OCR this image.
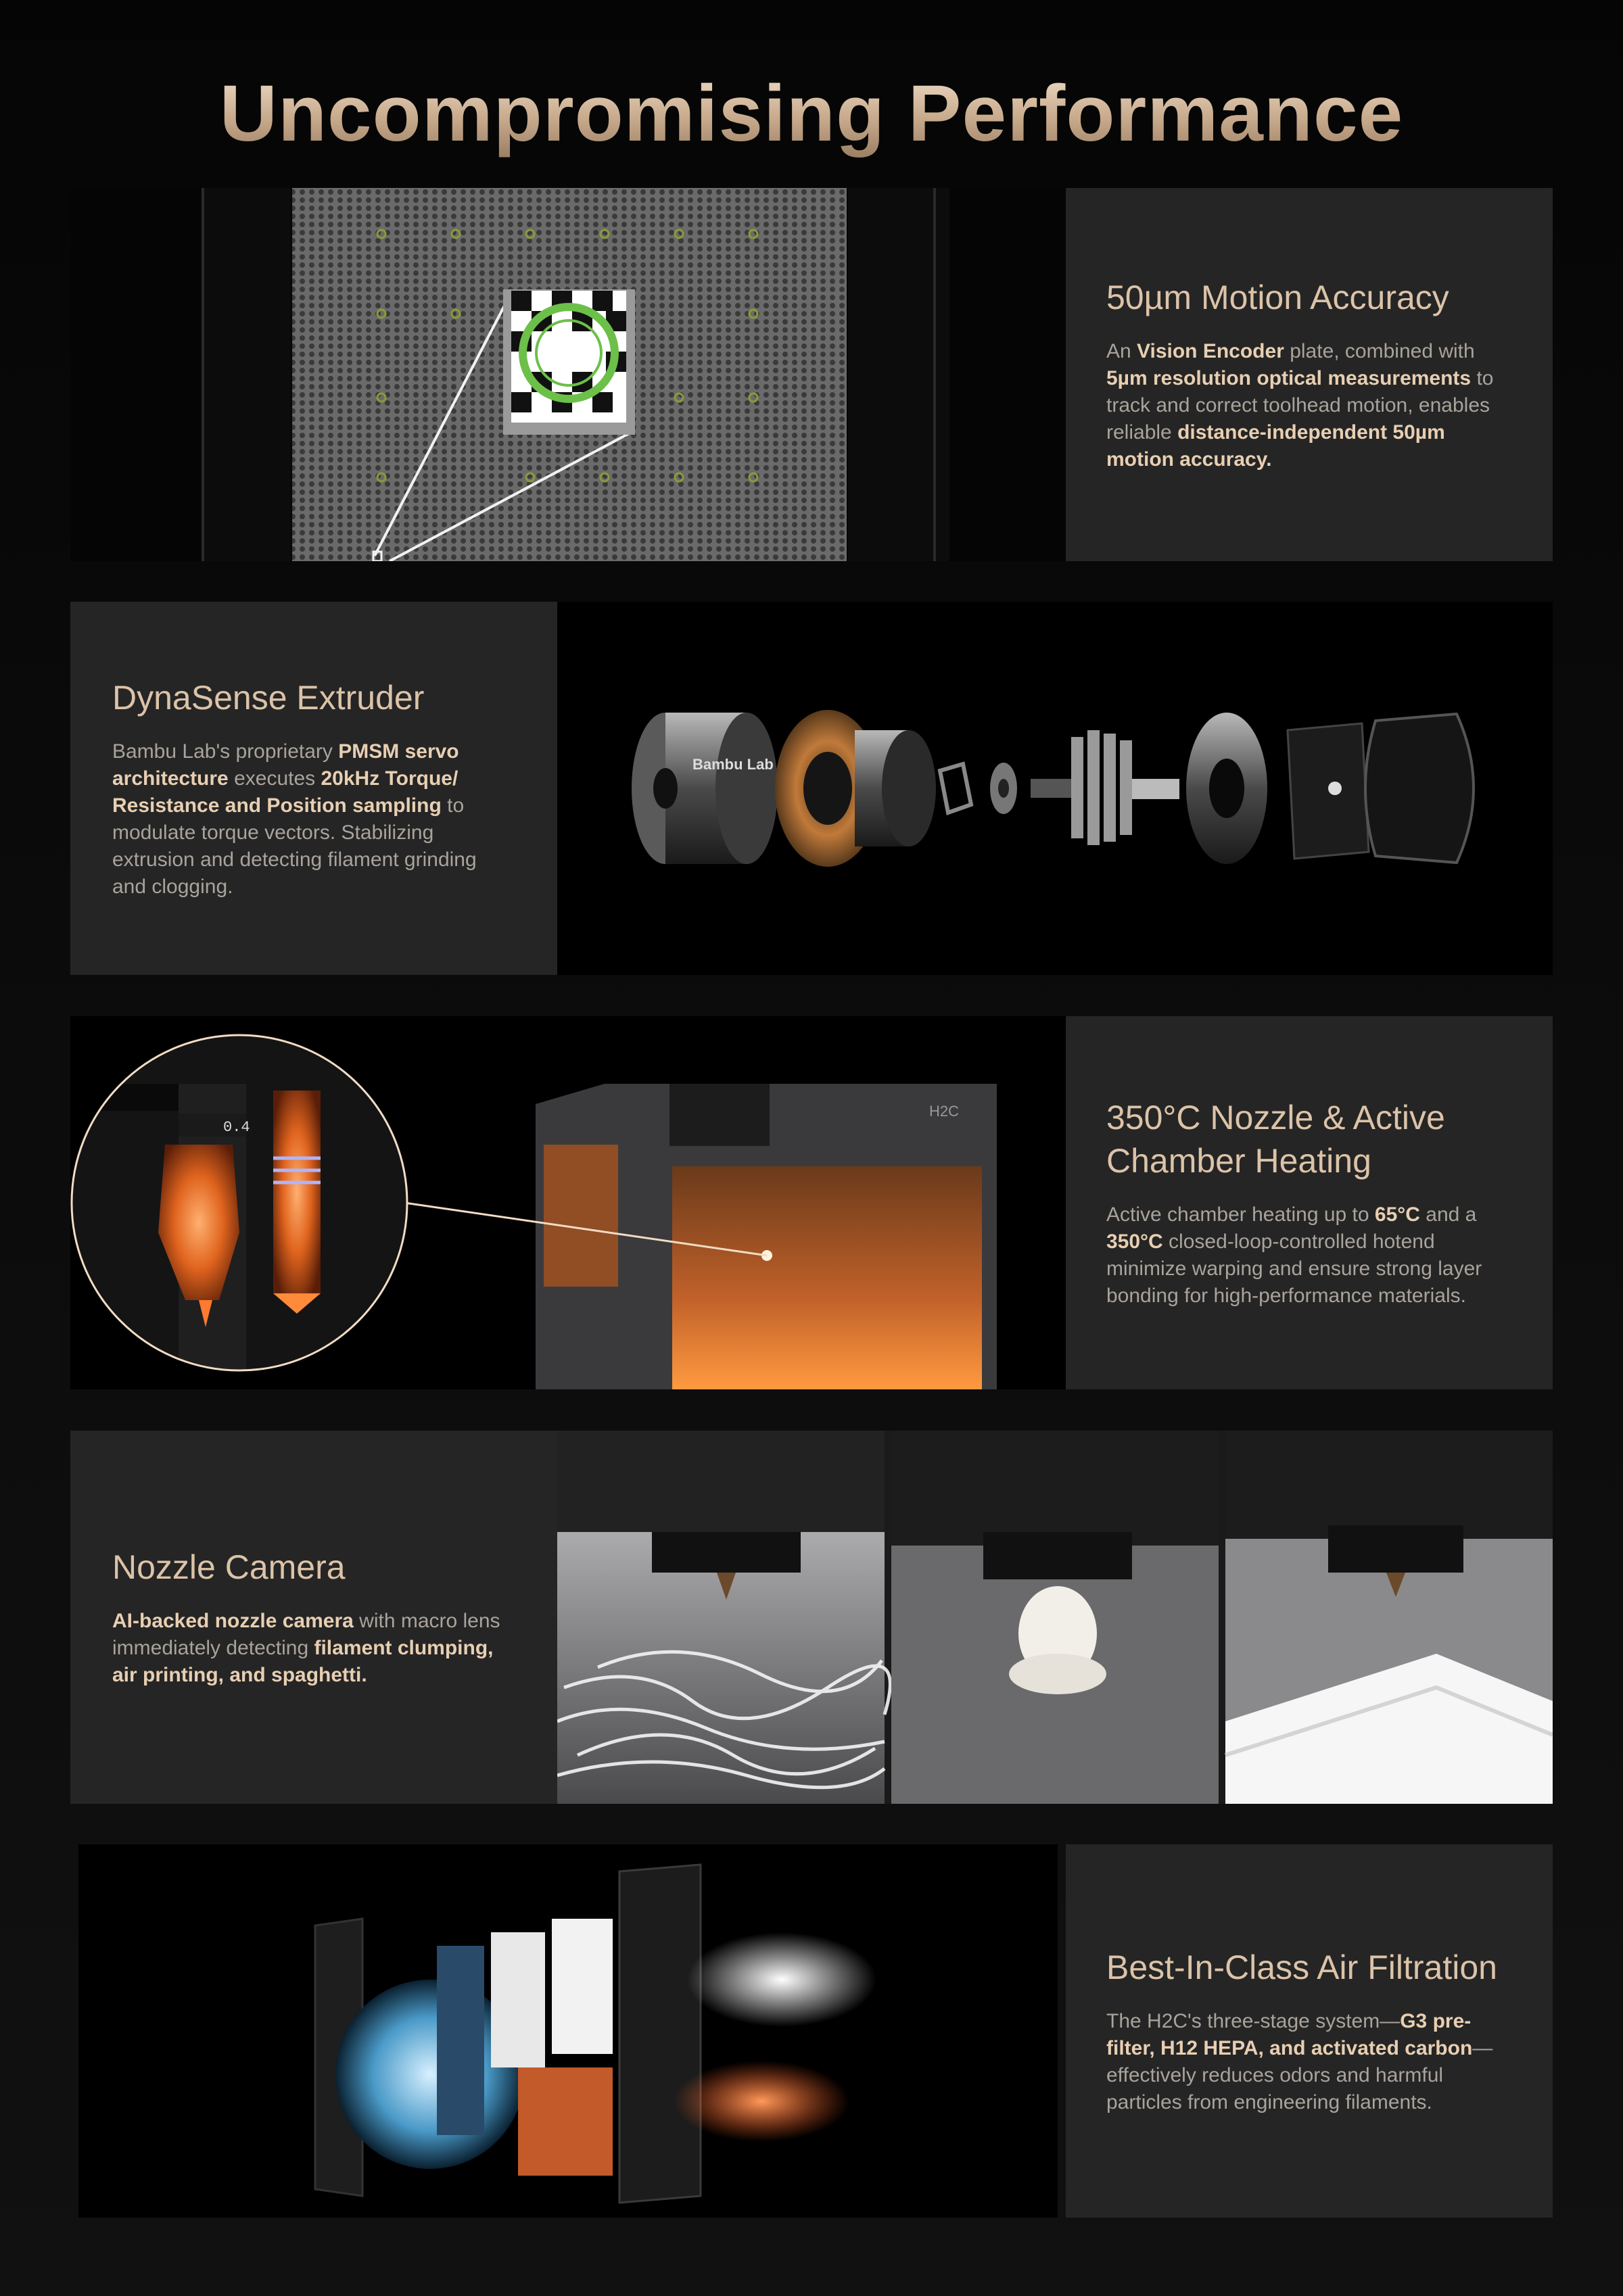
Uncompromising Performance
50µm Motion Accuracy

An Vision Encoder plate, combined with 5µm resolution optical measurements to track and correct toolhead motion, enables reliable distance-independent 50µm motion accuracy.

DynaSense Extruder

Bambu Lab's proprietary PMSM servo architecture executes 20kHz Torque/ Resistance and Position sampling to modulate torque vectors. Stabilizing extrusion and detecting filament grinding and clogging.

Bambu Lab
H2C
0.4	350°C Nozzle & Active Chamber Heating

Active chamber heating up to 65°C and a 350°C closed-loop-controlled hotend minimize warping and ensure strong layer bonding for high-performance materials.

Nozzle Camera

AI-backed nozzle camera with macro lens immediately detecting filament clumping, air printing, and spaghetti.

Best-In-Class Air Filtration

The H2C's three-stage system—G3 pre-filter, H12 HEPA, and activated carbon—effectively reduces odors and harmful particles from engineering filaments.
